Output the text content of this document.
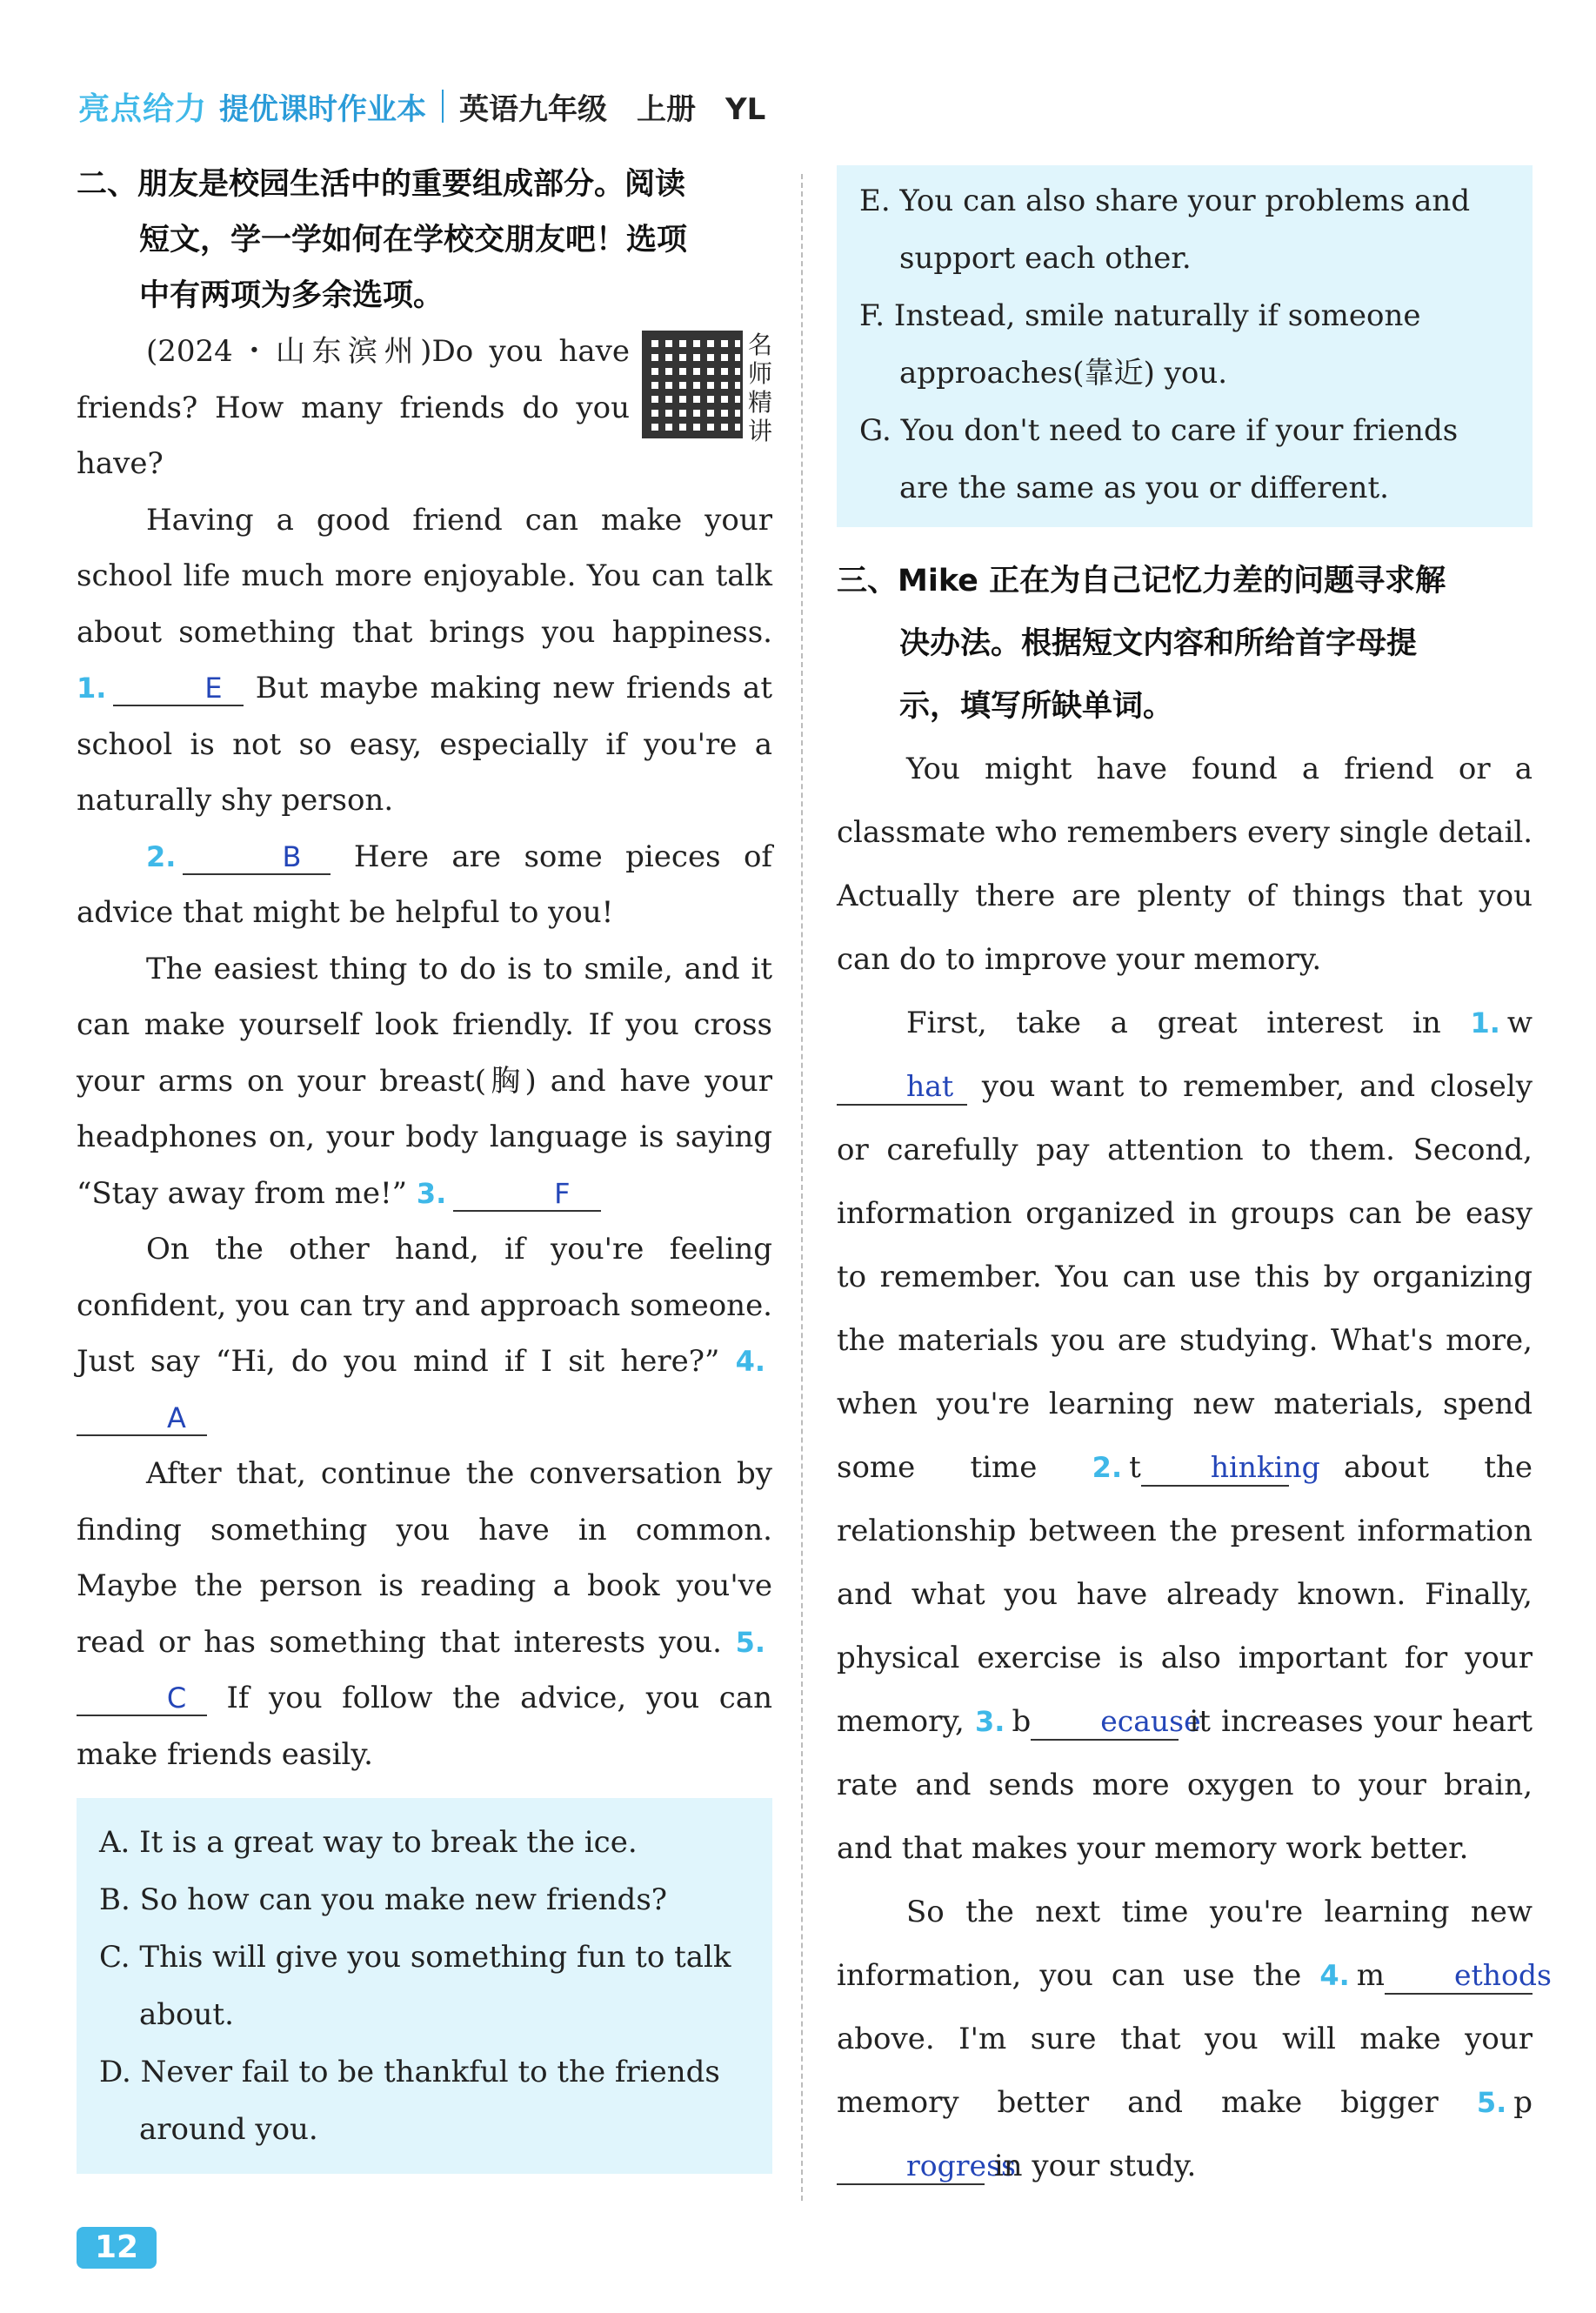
亮点给力 提优课时作业本 英语九年级　上册　YL
二、朋友是校园生活中的重要组成部分。阅读
短文，学一学如何在学校交朋友吧！选项
中有两项为多余选项。
名师精讲

(2024・山东滨州)Do you have friends? How many friends do you have?

Having a good friend can make your school life much more enjoyable. You can talk about something that brings you happiness. 1.	E But maybe making new friends at school is not so easy, especially if you're a naturally shy person.

2.	B Here are some pieces of advice that might be helpful to you!

The easiest thing to do is to smile, and it can make yourself look friendly. If you cross your arms on your breast(胸) and have your headphones on, your body language is saying “Stay away from me!” 3.	F

On the other hand, if you're feeling confident, you can try and approach someone. Just say “Hi, do you mind if I sit here?” 4.A

After that, continue the conversation by finding something you have in common. Maybe the person is reading a book you've read or has something that interests you. 5.C If you follow the advice, you can make friends easily.

A. It is a great way to break the ice.
B. So how can you make new friends?
C. This will give you something fun to talk about.
D. Never fail to be thankful to the friends around you.
E. You can also share your problems and support each other.
F. Instead, smile naturally if someone approaches(靠近) you.
G. You don't need to care if your friends are the same as you or different.
三、Mike 正在为自己记忆力差的问题寻求解
决办法。根据短文内容和所给首字母提
示，填写所缺单词。

You might have found a friend or a classmate who remembers every single detail. Actually there are plenty of things that you can do to improve your memory.

First, take a great interest in 1. what you want to remember, and closely or carefully pay attention to them. Second, information organized in groups can be easy to remember. You can use this by organizing the materials you are studying. What's more, when you're learning new materials, spend some time 2. t hinking about the relationship between the present information and what you have already known. Finally, physical exercise is also important for your memory, 3. b ecause it increases your heart rate and sends more oxygen to your brain, and that makes your memory work better.

So the next time you're learning new information, you can use the 4. m ethods above. I'm sure that you will make your memory better and make bigger 5. progress in your study.

12
